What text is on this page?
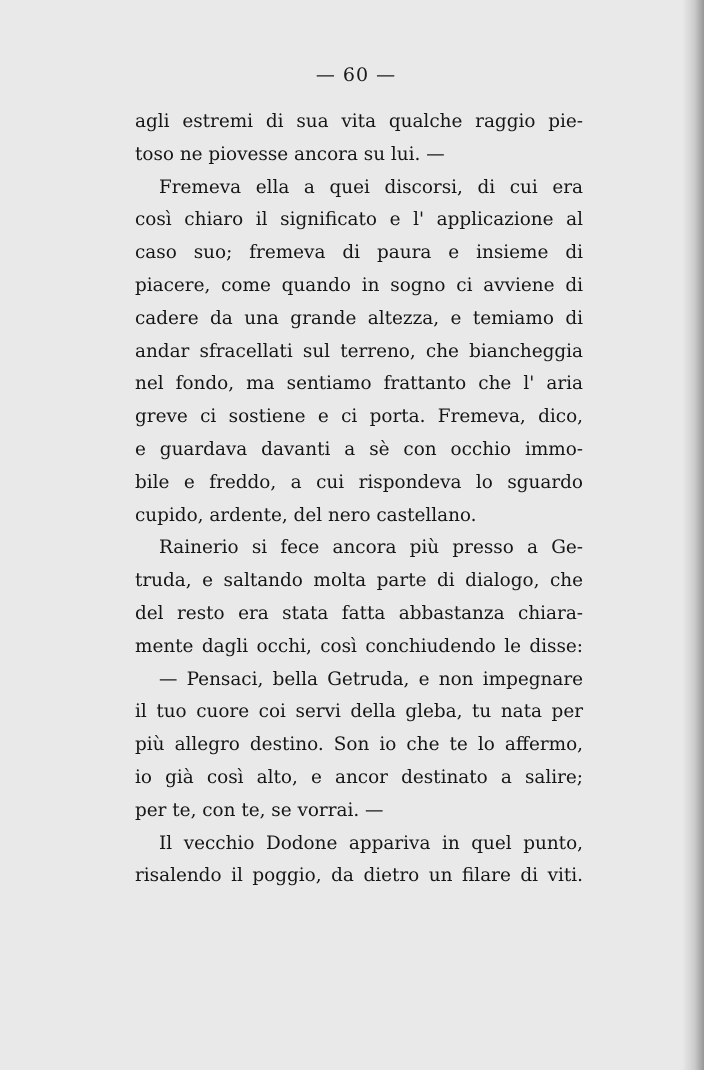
— 60 —
agli estremi di sua vita qualche raggio pie-
toso ne piovesse ancora su lui. —
Fremeva ella a quei discorsi, di cui era
così chiaro il significato e l' applicazione al
caso suo; fremeva di paura e insieme di
piacere, come quando in sogno ci avviene di
cadere da una grande altezza, e temiamo di
andar sfracellati sul terreno, che biancheggia
nel fondo, ma sentiamo frattanto che l' aria
greve ci sostiene e ci porta. Fremeva, dico,
e guardava davanti a sè con occhio immo-
bile e freddo, a cui rispondeva lo sguardo
cupido, ardente, del nero castellano.
Rainerio si fece ancora più presso a Ge-
truda, e saltando molta parte di dialogo, che
del resto era stata fatta abbastanza chiara-
mente dagli occhi, così conchiudendo le disse:
— Pensaci, bella Getruda, e non impegnare
il tuo cuore coi servi della gleba, tu nata per
più allegro destino. Son io che te lo affermo,
io già così alto, e ancor destinato a salire;
per te, con te, se vorrai. —
Il vecchio Dodone appariva in quel punto,
risalendo il poggio, da dietro un filare di viti.
